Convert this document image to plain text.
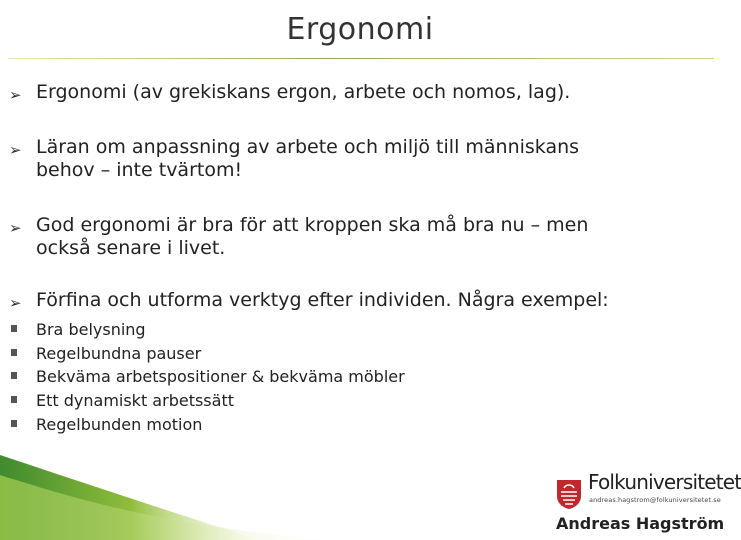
Ergonomi
➢ Ergonomi (av grekiskans ergon, arbete och nomos, lag).
➢ Läran om anpassning av arbete och miljö till människans
behov – inte tvärtom!
➢ God ergonomi är bra för att kroppen ska må bra nu – men
också senare i livet.
➢ Förfina och utforma verktyg efter individen. Några exempel:
Bra belysning
Regelbundna pauser
Bekväma arbetspositioner & bekväma möbler
Ett dynamiskt arbetssätt
Regelbunden motion
Folkuniversitetet
andreas.hagstrom@folkuniversitetet.se
Andreas Hagström
